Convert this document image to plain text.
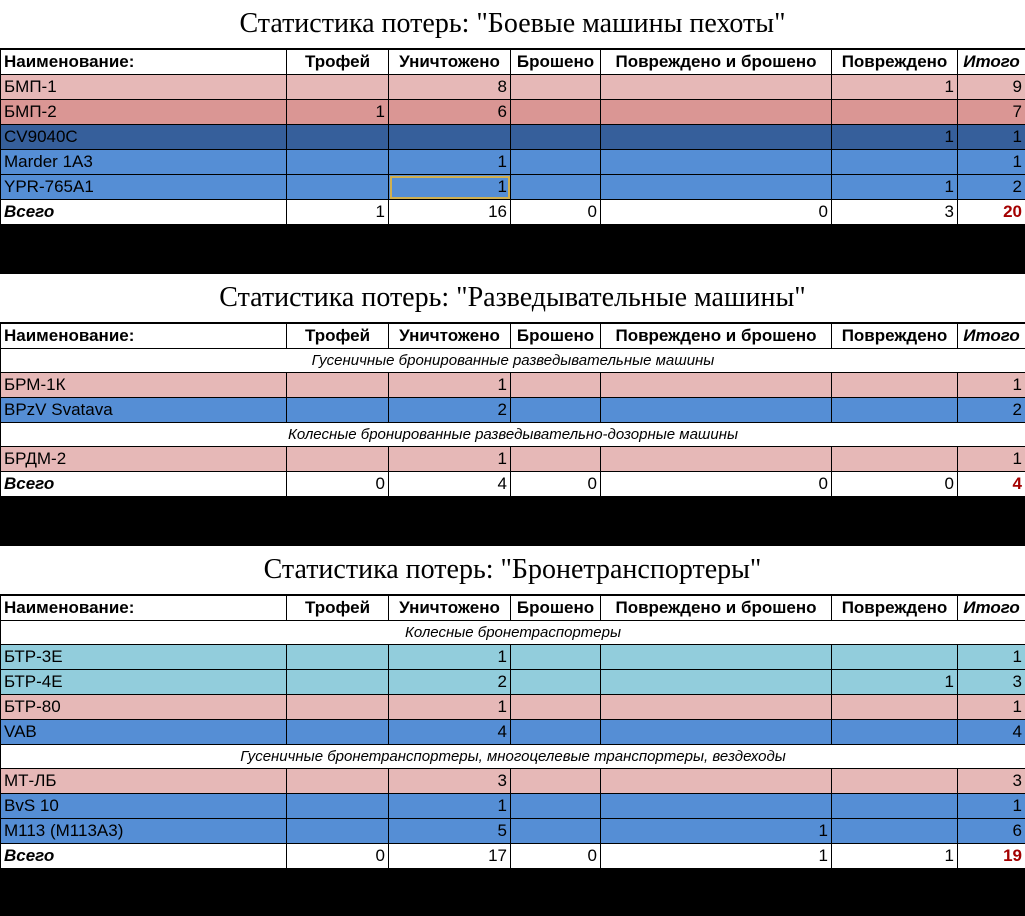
Статистика потерь: "Боевые машины пехоты"
Наименование:	Трофей	Уничтожено	Брошено	Повреждено и брошено	Повреждено	Итого
БМП-1		8			1	9
БМП-2	1	6				7
CV9040C					1	1
Marder 1A3		1				1
YPR-765A1		1			1	2
Всего	1	16	0	0	3	20
Статистика потерь: "Разведывательные машины"
Наименование:	Трофей	Уничтожено	Брошено	Повреждено и брошено	Повреждено	Итого
Гусеничные бронированные разведывательные машины						
БРМ-1К		1				1
BPzV Svatava		2				2
Колесные бронированные разведывательно-дозорные машины						
БРДМ-2		1				1
Всего	0	4	0	0	0	4
Статистика потерь: "Бронетранспортеры"
Наименование:	Трофей	Уничтожено	Брошено	Повреждено и брошено	Повреждено	Итого
Колесные бронетраспортеры						
БТР-3Е		1				1
БТР-4Е		2			1	3
БТР-80		1				1
VAB		4				4
Гусеничные бронетранспортеры, многоцелевые транспортеры, вездеходы						
МТ-ЛБ		3				3
BvS 10		1				1
M113 (M113A3)		5		1		6
Всего	0	17	0	1	1	19
